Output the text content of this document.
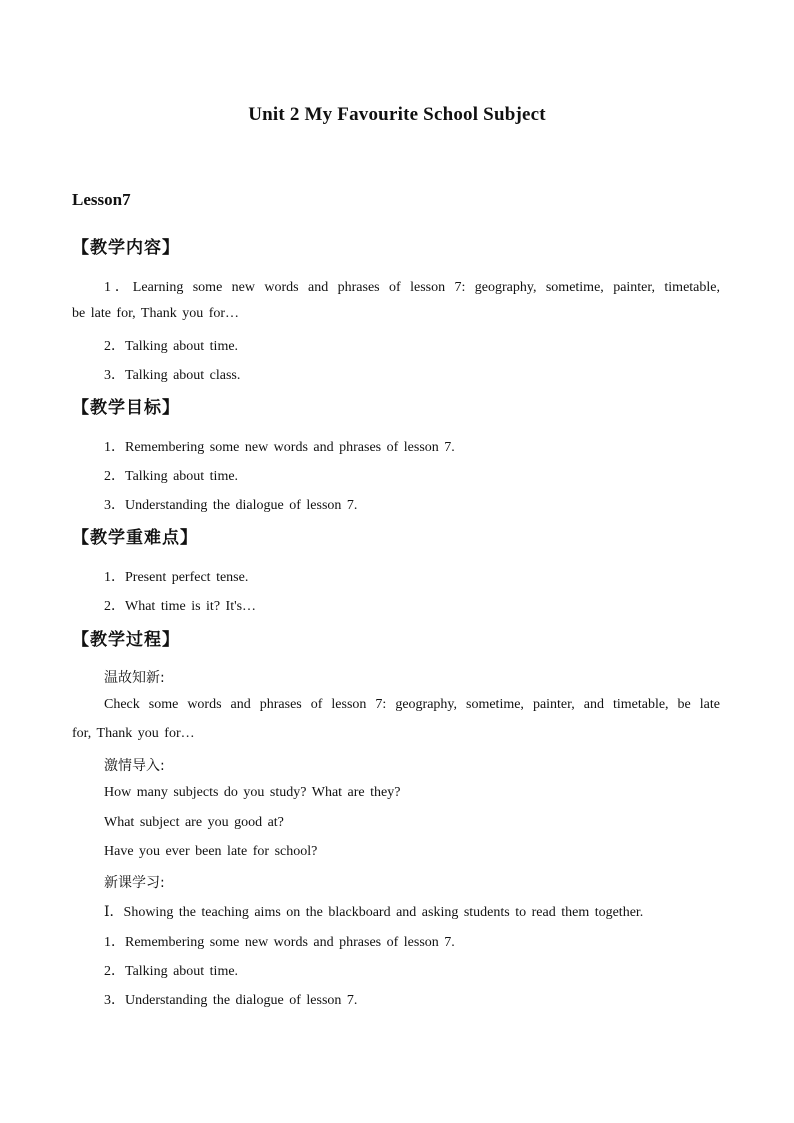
Unit 2 My Favourite School Subject
Lesson7
【教学内容】
1．Learning some new words and phrases of lesson 7: geography, sometime, painter, timetable,
be late for, Thank you for…
2．Talking about time.
3．Talking about class.
【教学目标】
1．Remembering some new words and phrases of lesson 7.
2．Talking about time.
3．Understanding the dialogue of lesson 7.
【教学重难点】
1．Present perfect tense.
2．What time is it? It's…
【教学过程】
温故知新:
Check some words and phrases of lesson 7: geography, sometime, painter, and timetable, be late
for, Thank you for…
激情导入:
How many subjects do you study? What are they?
What subject are you good at?
Have you ever been late for school?
新课学习:
Ⅰ．Showing the teaching aims on the blackboard and asking students to read them together.
1．Remembering some new words and phrases of lesson 7.
2．Talking about time.
3．Understanding the dialogue of lesson 7.
